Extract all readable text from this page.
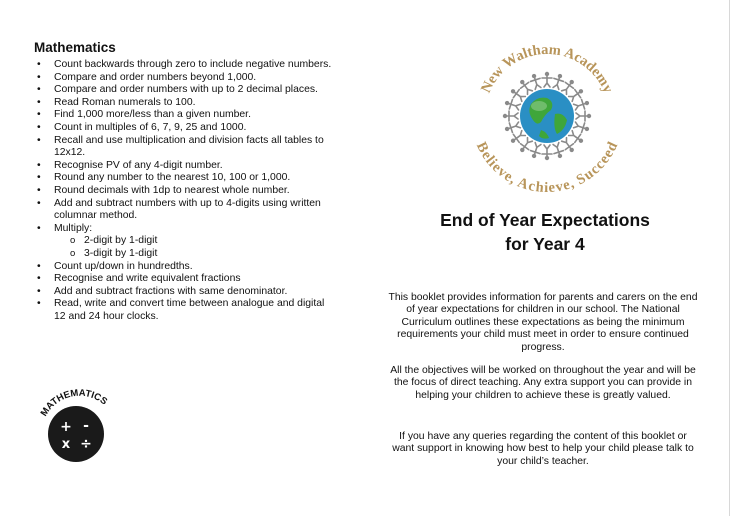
Mathematics
• Count backwards through zero to include negative numbers.
• Compare and order numbers beyond 1,000.
• Compare and order numbers with up to 2 decimal places.
• Read Roman numerals to 100.
• Find 1,000 more/less than a given number.
• Count in multiples of 6, 7, 9, 25 and 1000.
• Recall and use multiplication and division facts all tables to 12x12.
• Recognise PV of any 4-digit number.
• Round any number to the nearest 10, 100 or 1,000.
• Round decimals with 1dp to nearest whole number.
• Add and subtract numbers with up to 4-digits using written columnar method.
• Multiply:
o 2-digit by 1-digit
o 3-digit by 1-digit
• Count up/down in hundredths.
• Recognise and write equivalent fractions
• Add and subtract fractions with same denominator.
• Read, write and convert time between analogue and digital 12 and 24 hour clocks.
MATHEMATICS
+ -
x ÷
New Waltham Academy
Believe, Achieve, Succeed
End of Year Expectations
for Year 4

This booklet provides information for parents and carers on the end of year expectations for children in our school. The National Curriculum outlines these expectations as being the minimum requirements your child must meet in order to ensure continued progress.

All the objectives will be worked on throughout the year and will be the focus of direct teaching. Any extra support you can provide in helping your children to achieve these is greatly valued.

If you have any queries regarding the content of this booklet or want support in knowing how best to help your child please talk to your child’s teacher.
